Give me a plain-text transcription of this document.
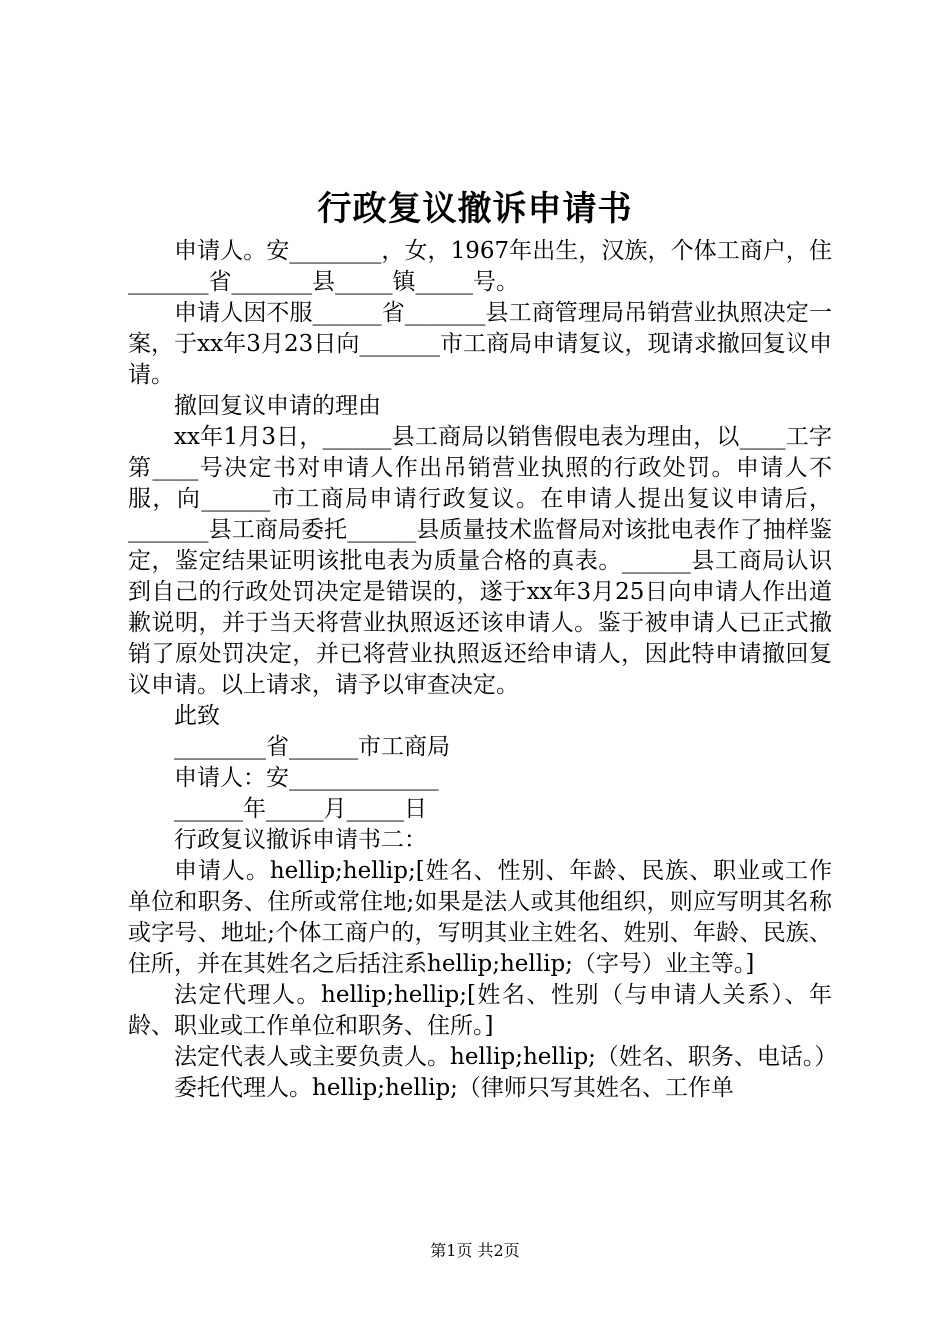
行政复议撤诉申请书

申请人。安________，女，1967年出生，汉族，个体工商户，住_______省_______县_____镇_____号。

申请人因不服______省_______县工商管理局吊销营业执照决定一案，于xx年3月23日向_______市工商局申请复议，现请求撤回复议申请。

撤回复议申请的理由

xx年1月3日，______县工商局以销售假电表为理由，以____工字第____号决定书对申请人作出吊销营业执照的行政处罚。申请人不服，向______市工商局申请行政复议。在申请人提出复议申请后，_______县工商局委托______县质量技术监督局对该批电表作了抽样鉴定，鉴定结果证明该批电表为质量合格的真表。______县工商局认识到自己的行政处罚决定是错误的，遂于xx年3月25日向申请人作出道歉说明，并于当天将营业执照返还该申请人。鉴于被申请人已正式撤销了原处罚决定，并已将营业执照返还给申请人，因此特申请撤回复议申请。以上请求，请予以审查决定。

此致

________省______市工商局

申请人：安_____________

______年_____月_____日

行政复议撤诉申请书二：

申请人。hellip;hellip;[姓名、性别、年龄、民族、职业或工作单位和职务、住所或常住地;如果是法人或其他组织，则应写明其名称或字号、地址;个体工商户的，写明其业主姓名、姓别、年龄、民族、住所，并在其姓名之后括注系hellip;hellip;（字号）业主等。]

法定代理人。hellip;hellip;[姓名、性别（与申请人关系）、年龄、职业或工作单位和职务、住所。]

法定代表人或主要负责人。hellip;hellip;（姓名、职务、电话。）

委托代理人。hellip;hellip;（律师只写其姓名、工作单

第1页 共2页
